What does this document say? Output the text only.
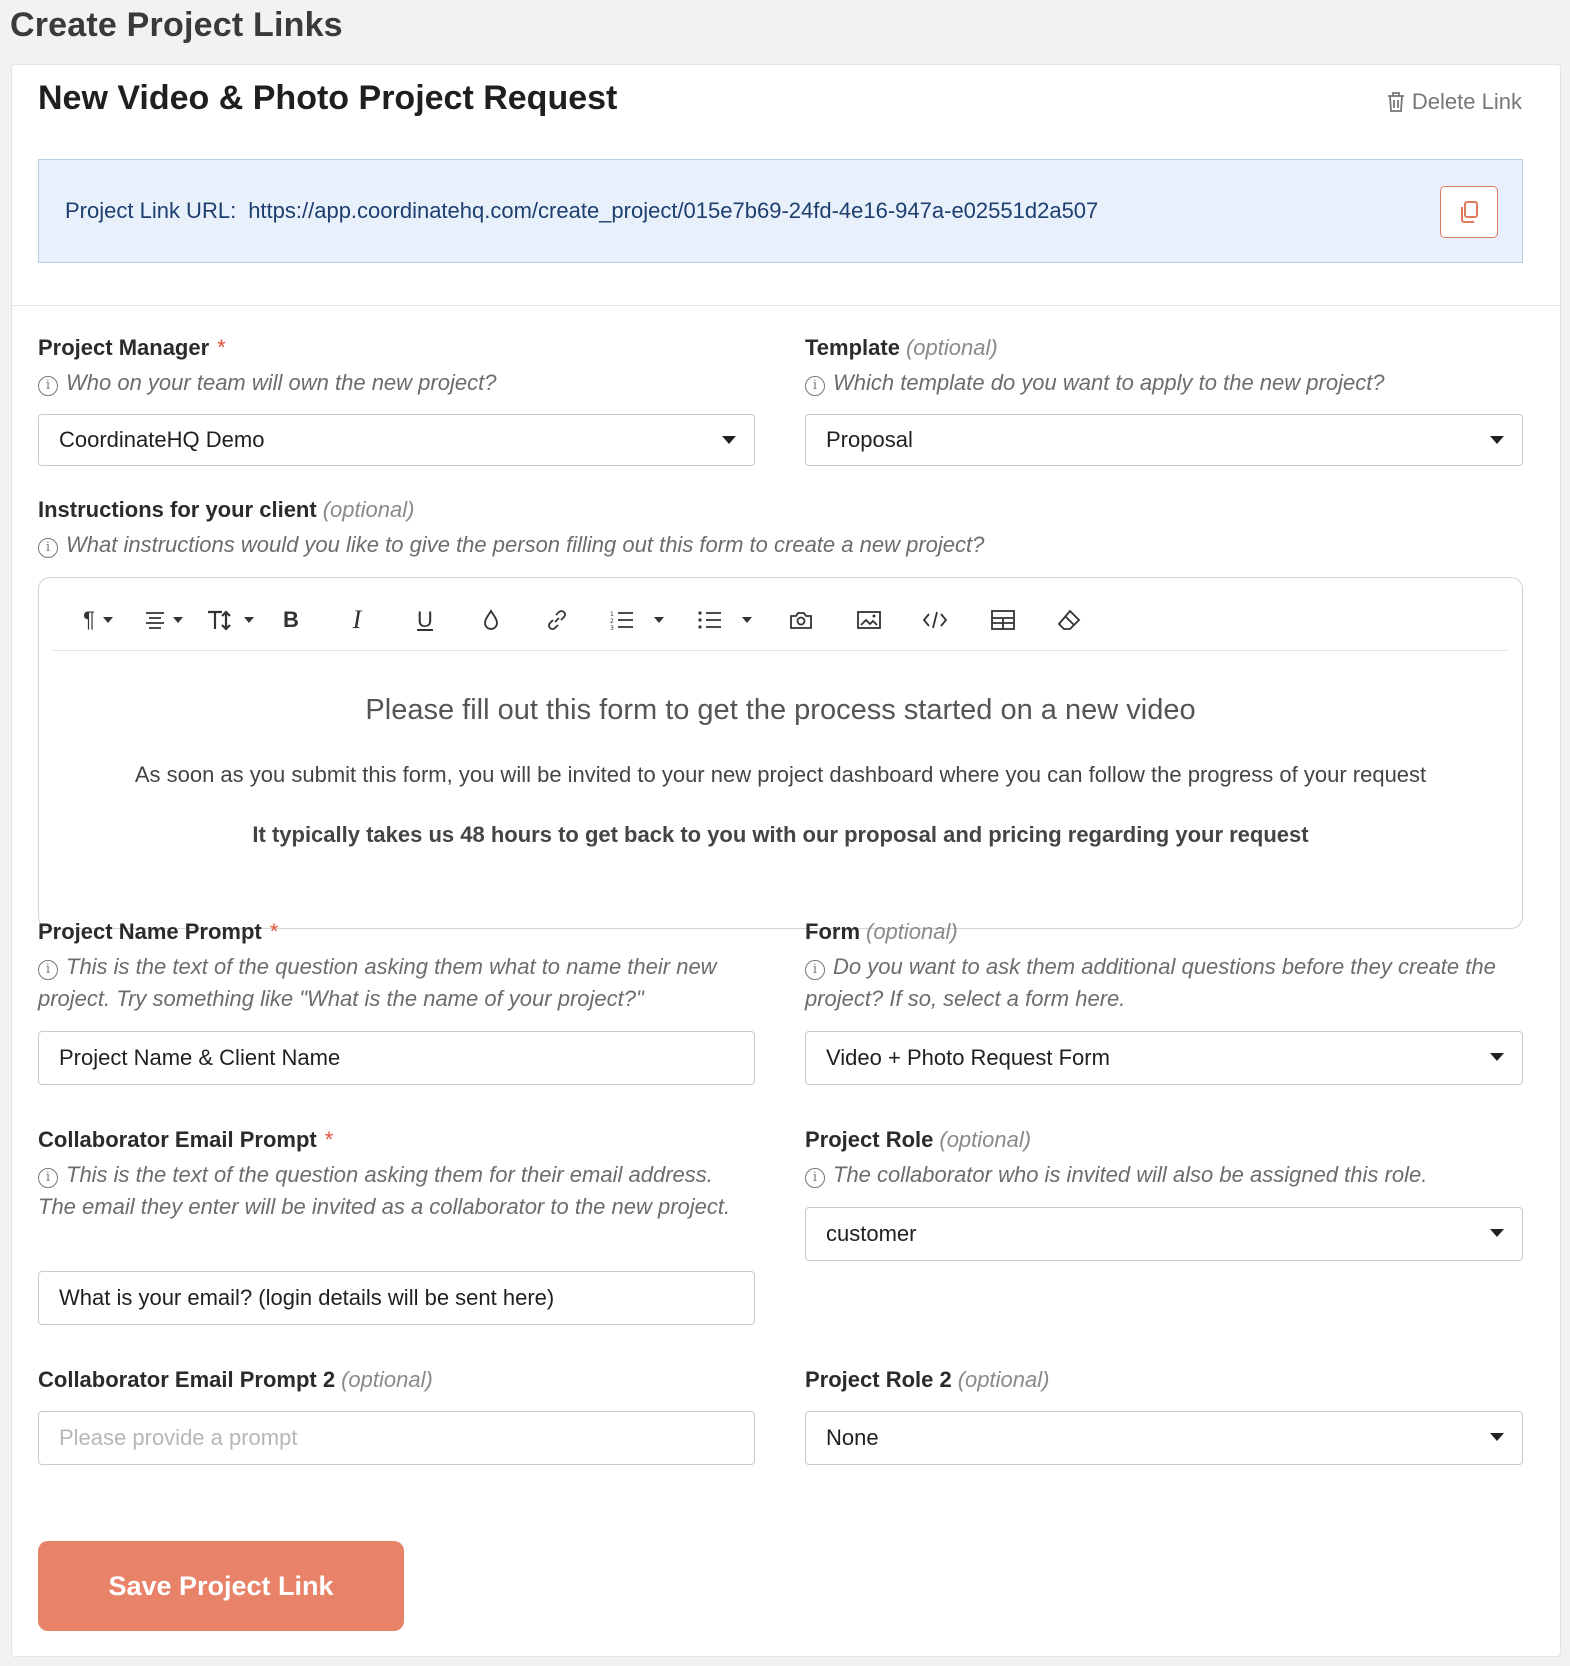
Create Project Links
New Video & Photo Project Request	Delete Link
Project Link URL: https://app.coordinatehq.com/create_project/015e7b69-24fd-4e16-947a-e02551d2a507
Project Manager *
i Who on your team will own the new project?
CoordinateHQ Demo
Template (optional)
i Which template do you want to apply to the new project?
Proposal
Instructions for your client (optional)
i What instructions would you like to give the person filling out this form to create a new project?
¶	B	I	U	1
2
3
Please fill out this form to get the process started on a new video
As soon as you submit this form, you will be invited to your new project dashboard where you can follow the progress of your request
It typically takes us 48 hours to get back to you with our proposal and pricing regarding your request
Project Name Prompt *
i This is the text of the question asking them what to name their new project. Try something like "What is the name of your project?"
Project Name & Client Name
Form (optional)
i Do you want to ask them additional questions before they create the project? If so, select a form here.
Video + Photo Request Form
Collaborator Email Prompt *
i This is the text of the question asking them for their email address. The email they enter will be invited as a collaborator to the new project.
What is your email? (login details will be sent here)
Project Role (optional)
i The collaborator who is invited will also be assigned this role.
customer
Collaborator Email Prompt 2 (optional)
Please provide a prompt
Project Role 2 (optional)
None
Save Project Link
